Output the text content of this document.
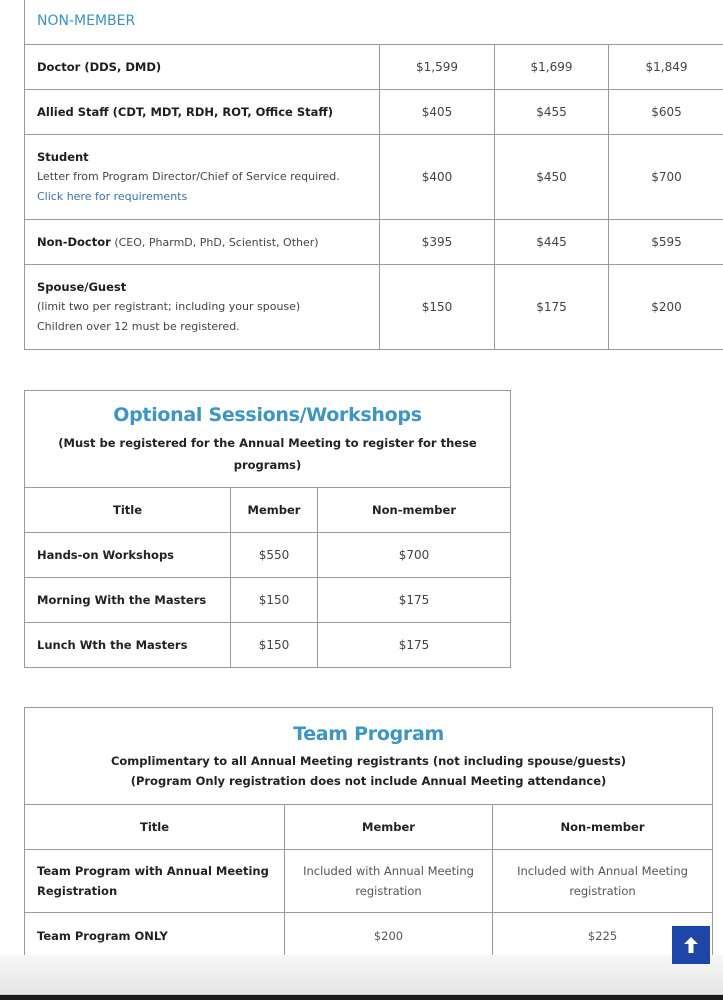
NON-MEMBER			
Doctor (DDS, DMD)	$1,599	$1,699	$1,849
Allied Staff (CDT, MDT, RDH, ROT, Office Staff)	$405	$455	$605

Student
Letter from Program Director/Chief of Service required.
Click here for requirements	$400	$450	$700
Non-Doctor (CEO, PharmD, PhD, Scientist, Other)	$395	$445	$595

Spouse/Guest
(limit two per registrant; including your spouse)
Children over 12 must be registered.	$150	$175	$200
Optional Sessions/Workshops
(Must be registered for the Annual Meeting to register for these programs)		

Title	Member	Non-member
Hands-on Workshops	$550	$700
Morning With the Masters	$150	$175
Lunch Wth the Masters	$150	$175
Team Program
Complimentary to all Annual Meeting registrants (not including spouse/guests)
(Program Only registration does not include Annual Meeting attendance)		

Title	Member	Non-member
Team Program with Annual Meeting Registration	Included with Annual Meeting registration	Included with Annual Meeting registration
Team Program ONLY	$200	$225
